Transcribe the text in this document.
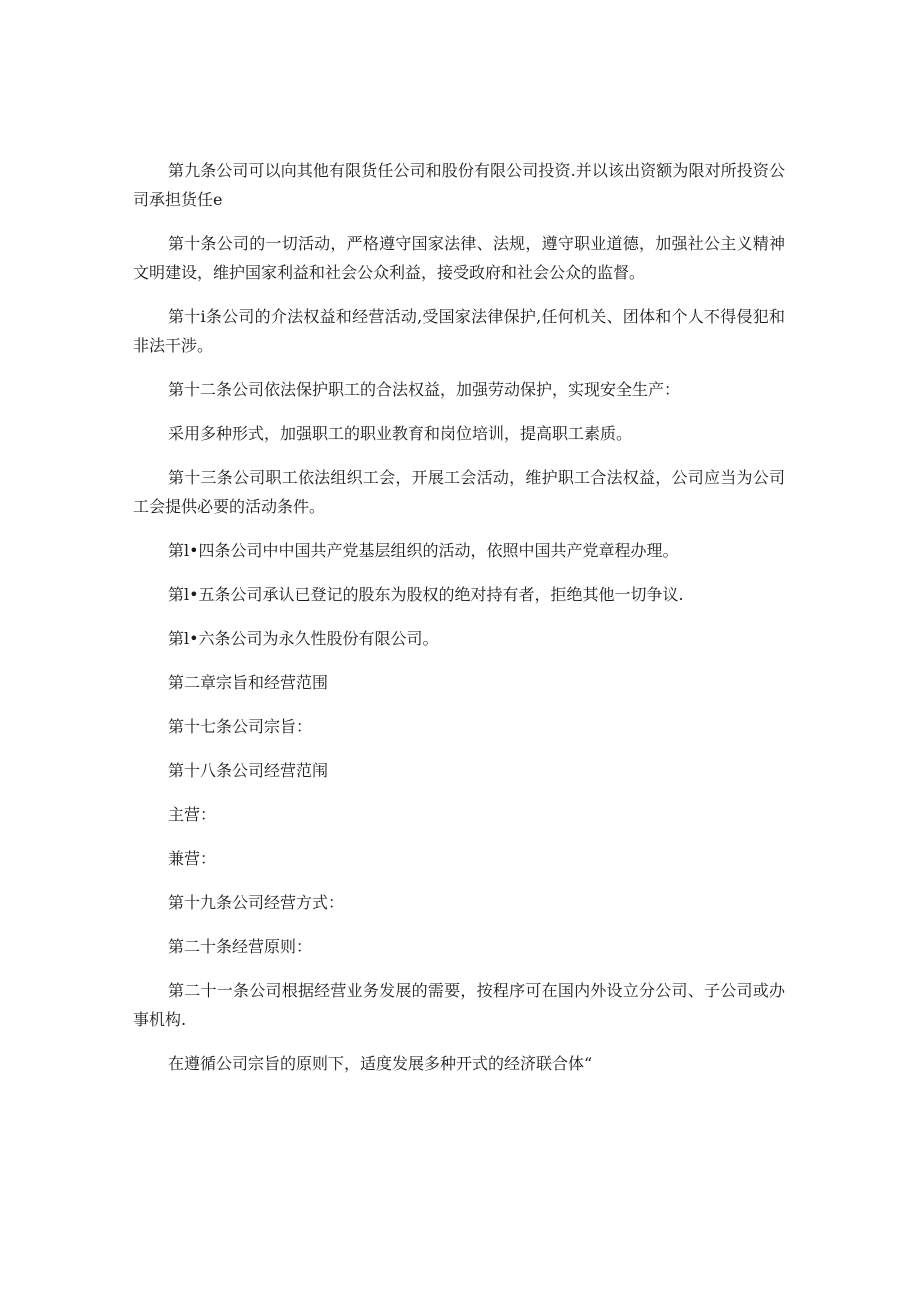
第九条公司可以向其他有限货任公司和股份有限公司投资.并以该出资额为限对所投资公司承担货任e

第十条公司的一切活动，严格遵守国家法律、法规，遵守职业道德，加强社公主义精神文明建设，维护国家利益和社会公众利益，接受政府和社会公众的监督。

第十i条公司的介法权益和经营活动,受国家法律保护,任何机关、团体和个人不得侵犯和非法干涉。

第十二条公司依法保护职工的合法权益，加强劳动保护，实现安全生产：

采用多种形式，加强职工的职业教育和岗位培训，提高职工素质。

第十三条公司职工依法组织工会，开展工会活动，维护职工合法权益，公司应当为公司工会提供必要的活动条件。

第l•四条公司中中国共产党基层组织的活动，依照中国共产党章程办理。

第l•五条公司承认已登记的股东为股权的绝对持有者，拒绝其他一切争议.

第l•六条公司为永久性股份有限公司。

第二章宗旨和经营范围

第十七条公司宗旨：

第十八条公司经营范闱

主营：

兼营：

第十九条公司经营方式：

第二十条经营原则：

第二十一条公司根据经营业务发展的需要，按程序可在国内外设立分公司、子公司或办事机构.

在遵循公司宗旨的原则下，适度发展多种开式的经济联合体“
